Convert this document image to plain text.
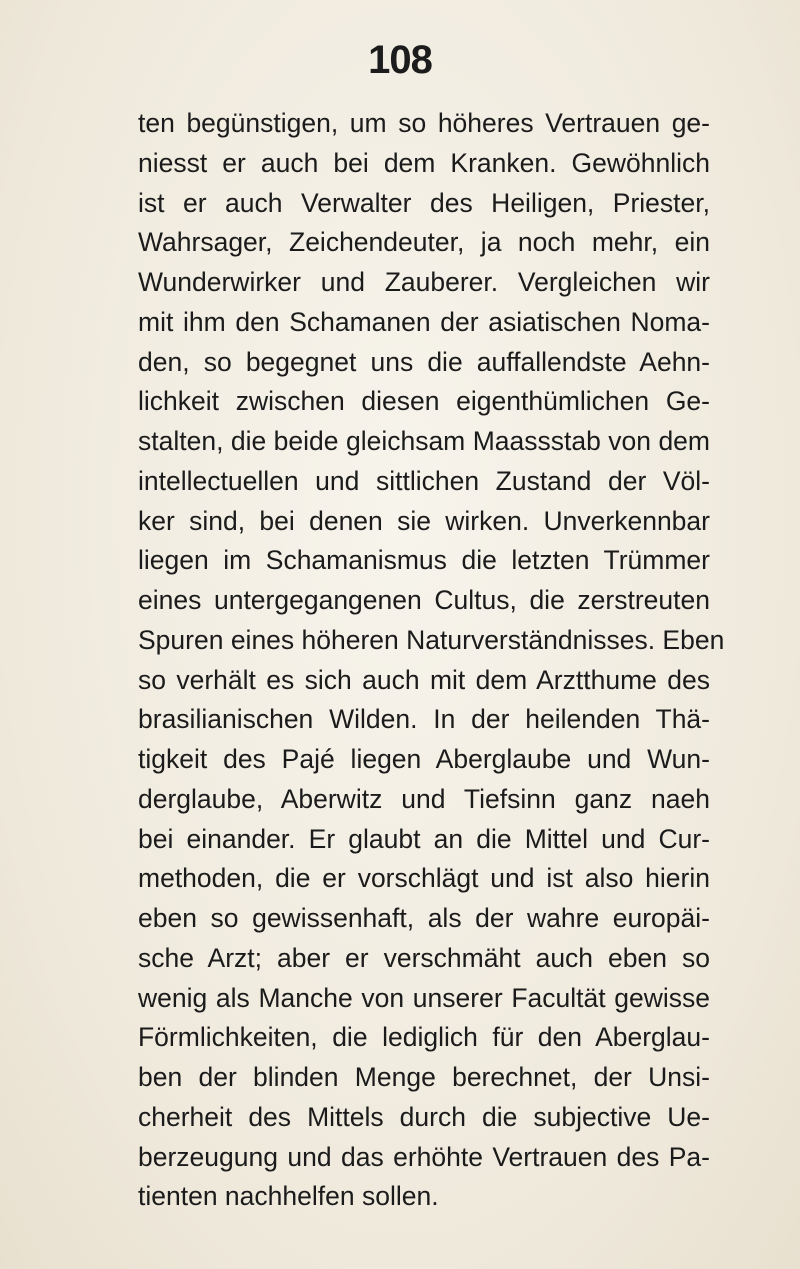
108
ten begünstigen, um so höheres Vertrauen ge-
niesst er auch bei dem Kranken. Gewöhnlich
ist er auch Verwalter des Heiligen, Priester,
Wahrsager, Zeichendeuter, ja noch mehr, ein
Wunderwirker und Zauberer. Vergleichen wir
mit ihm den Schamanen der asiatischen Noma-
den, so begegnet uns die auffallendste Aehn-
lichkeit zwischen diesen eigenthümlichen Ge-
stalten, die beide gleichsam Maassstab von dem
intellectuellen und sittlichen Zustand der Völ-
ker sind, bei denen sie wirken. Unverkennbar
liegen im Schamanismus die letzten Trümmer
eines untergegangenen Cultus, die zerstreuten
Spuren eines höheren Naturverständnisses. Eben
so verhält es sich auch mit dem Arztthume des
brasilianischen Wilden. In der heilenden Thä-
tigkeit des Pajé liegen Aberglaube und Wun-
derglaube, Aberwitz und Tiefsinn ganz naeh
bei einander. Er glaubt an die Mittel und Cur-
methoden, die er vorschlägt und ist also hierin
eben so gewissenhaft, als der wahre europäi-
sche Arzt; aber er verschmäht auch eben so
wenig als Manche von unserer Facultät gewisse
Förmlichkeiten, die lediglich für den Aberglau-
ben der blinden Menge berechnet, der Unsi-
cherheit des Mittels durch die subjective Ue-
berzeugung und das erhöhte Vertrauen des Pa-
tienten nachhelfen sollen.
